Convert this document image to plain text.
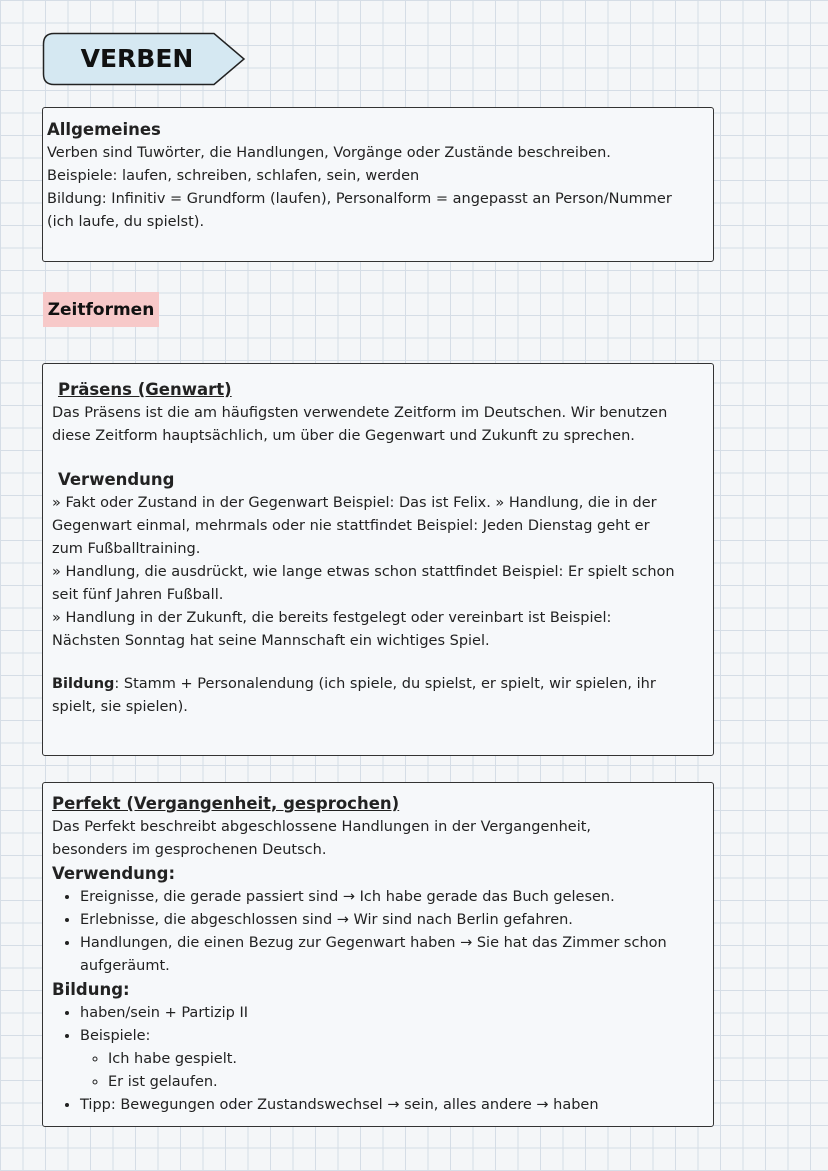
VERBEN

Allgemeines

Verben sind Tuwörter, die Handlungen, Vorgänge oder Zustände beschreiben.

Beispiele: laufen, schreiben, schlafen, sein, werden

Bildung: Infinitiv = Grundform (laufen), Personalform = angepasst an Person/Nummer

(ich laufe, du spielst).

Zeitformen

Präsens (Genwart)

Das Präsens ist die am häufigsten verwendete Zeitform im Deutschen. Wir benutzen

diese Zeitform hauptsächlich, um über die Gegenwart und Zukunft zu sprechen.

Verwendung

» Fakt oder Zustand in der Gegenwart Beispiel: Das ist Felix. » Handlung, die in der

Gegenwart einmal, mehrmals oder nie stattfindet Beispiel: Jeden Dienstag geht er

zum Fußballtraining.

» Handlung, die ausdrückt, wie lange etwas schon stattfindet Beispiel: Er spielt schon

seit fünf Jahren Fußball.

» Handlung in der Zukunft, die bereits festgelegt oder vereinbart ist Beispiel:

Nächsten Sonntag hat seine Mannschaft ein wichtiges Spiel.

Bildung: Stamm + Personalendung (ich spiele, du spielst, er spielt, wir spielen, ihr

spielt, sie spielen).

Perfekt (Vergangenheit, gesprochen)

Das Perfekt beschreibt abgeschlossene Handlungen in der Vergangenheit,

besonders im gesprochenen Deutsch.

Verwendung:

• Ereignisse, die gerade passiert sind → Ich habe gerade das Buch gelesen.
• Erlebnisse, die abgeschlossen sind → Wir sind nach Berlin gefahren.
• Handlungen, die einen Bezug zur Gegenwart haben → Sie hat das Zimmer schon aufgeräumt.

Bildung:

• haben/sein + Partizip II
• Beispiele:
◦ Ich habe gespielt.
◦ Er ist gelaufen.
• Tipp: Bewegungen oder Zustandswechsel → sein, alles andere → haben
